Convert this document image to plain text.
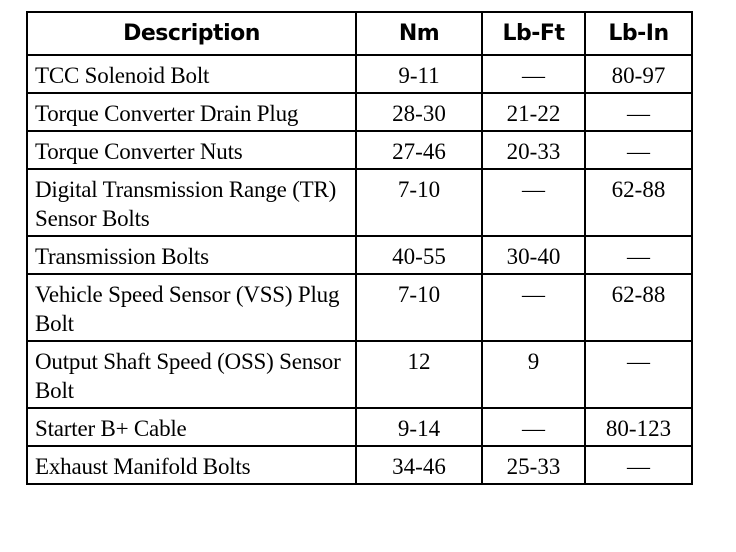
Description	Nm	Lb-Ft	Lb-In
TCC Solenoid Bolt	9-11	—	80-97
Torque Converter Drain Plug	28-30	21-22	—
Torque Converter Nuts	27-46	20-33	—
Digital Transmission Range (TR) Sensor Bolts	7-10	—	62-88
Transmission Bolts	40-55	30-40	—
Vehicle Speed Sensor (VSS) Plug Bolt	7-10	—	62-88
Output Shaft Speed (OSS) Sensor Bolt	12	9	—
Starter B+ Cable	9-14	—	80-123
Exhaust Manifold Bolts	34-46	25-33	—
